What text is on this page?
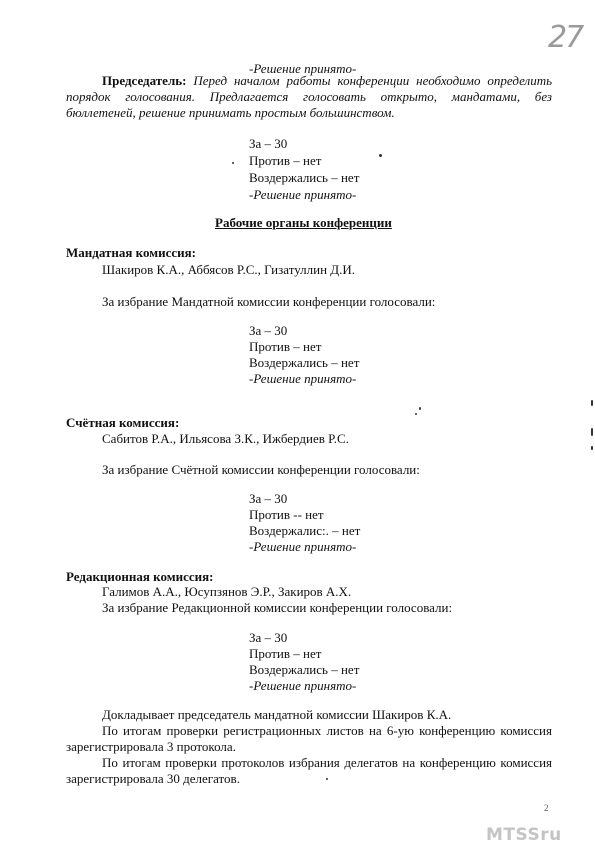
27
-Решение принято-
Председатель: Перед началом работы конференции необходимо определить порядок голосования. Предлагается голосовать открыто, мандатами, без бюллетеней, решение принимать простым большинством.
За – 30
Против – нет
Воздержались – нет
-Решение принято-
Рабочие органы конференции
Мандатная комиссия:
Шакиров К.А., Аббясов Р.С., Гизатуллин Д.И.
За избрание Мандатной комиссии конференции голосовали:
За – 30
Против – нет
Воздержались – нет
-Решение принято-
Счётная комиссия:
Сабитов Р.А., Ильясова З.К., Ижбердиев Р.С.
За избрание Счётной комиссии конференции голосовали:
За – 30
Против -- нет
Воздержалис:. – нет
-Решение принято-
Редакционная комиссия:
Галимов А.А., Юсупзянов Э.Р., Закиров А.Х.
За избрание Редакционной комиссии конференции голосовали:
За – 30
Против – нет
Воздержались – нет
-Решение принято-
Докладывает председатель мандатной комиссии Шакиров К.А.
По итогам проверки регистрационных листов на 6-ую конференцию комиссия зарегистрировала 3 протокола.
По итогам проверки протоколов избрания делегатов на конференцию комиссия зарегистрировала 30 делегатов.
2
MTSSru
